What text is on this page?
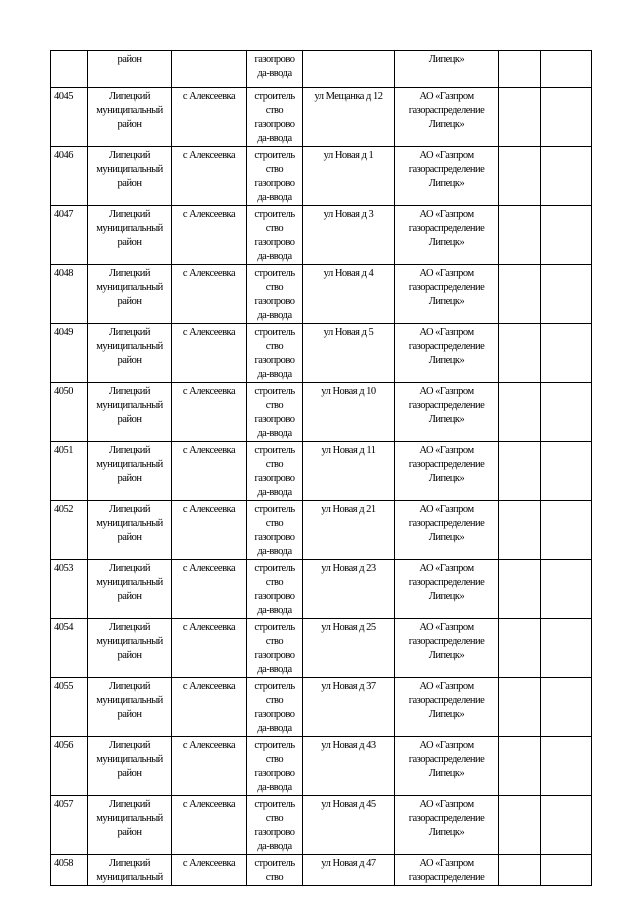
	район		газопрово
да-ввода		Липецк»		
4045	Липецкий
муниципальный
район	с Алексеевка	строитель
ство
газопрово
да-ввода	ул Мещанка д 12	АО «Газпром
газораспределение
Липецк»		
4046	Липецкий
муниципальный
район	с Алексеевка	строитель
ство
газопрово
да-ввода	ул Новая д 1	АО «Газпром
газораспределение
Липецк»		
4047	Липецкий
муниципальный
район	с Алексеевка	строитель
ство
газопрово
да-ввода	ул Новая д 3	АО «Газпром
газораспределение
Липецк»		
4048	Липецкий
муниципальный
район	с Алексеевка	строитель
ство
газопрово
да-ввода	ул Новая д 4	АО «Газпром
газораспределение
Липецк»		
4049	Липецкий
муниципальный
район	с Алексеевка	строитель
ство
газопрово
да-ввода	ул Новая д 5	АО «Газпром
газораспределение
Липецк»		
4050	Липецкий
муниципальный
район	с Алексеевка	строитель
ство
газопрово
да-ввода	ул Новая д 10	АО «Газпром
газораспределение
Липецк»		
4051	Липецкий
муниципальный
район	с Алексеевка	строитель
ство
газопрово
да-ввода	ул Новая д 11	АО «Газпром
газораспределение
Липецк»		
4052	Липецкий
муниципальный
район	с Алексеевка	строитель
ство
газопрово
да-ввода	ул Новая д 21	АО «Газпром
газораспределение
Липецк»		
4053	Липецкий
муниципальный
район	с Алексеевка	строитель
ство
газопрово
да-ввода	ул Новая д 23	АО «Газпром
газораспределение
Липецк»		
4054	Липецкий
муниципальный
район	с Алексеевка	строитель
ство
газопрово
да-ввода	ул Новая д 25	АО «Газпром
газораспределение
Липецк»		
4055	Липецкий
муниципальный
район	с Алексеевка	строитель
ство
газопрово
да-ввода	ул Новая д 37	АО «Газпром
газораспределение
Липецк»		
4056	Липецкий
муниципальный
район	с Алексеевка	строитель
ство
газопрово
да-ввода	ул Новая д 43	АО «Газпром
газораспределение
Липецк»		
4057	Липецкий
муниципальный
район	с Алексеевка	строитель
ство
газопрово
да-ввода	ул Новая д 45	АО «Газпром
газораспределение
Липецк»		
4058	Липецкий
муниципальный	с Алексеевка	строитель
ство	ул Новая д 47	АО «Газпром
газораспределение		
